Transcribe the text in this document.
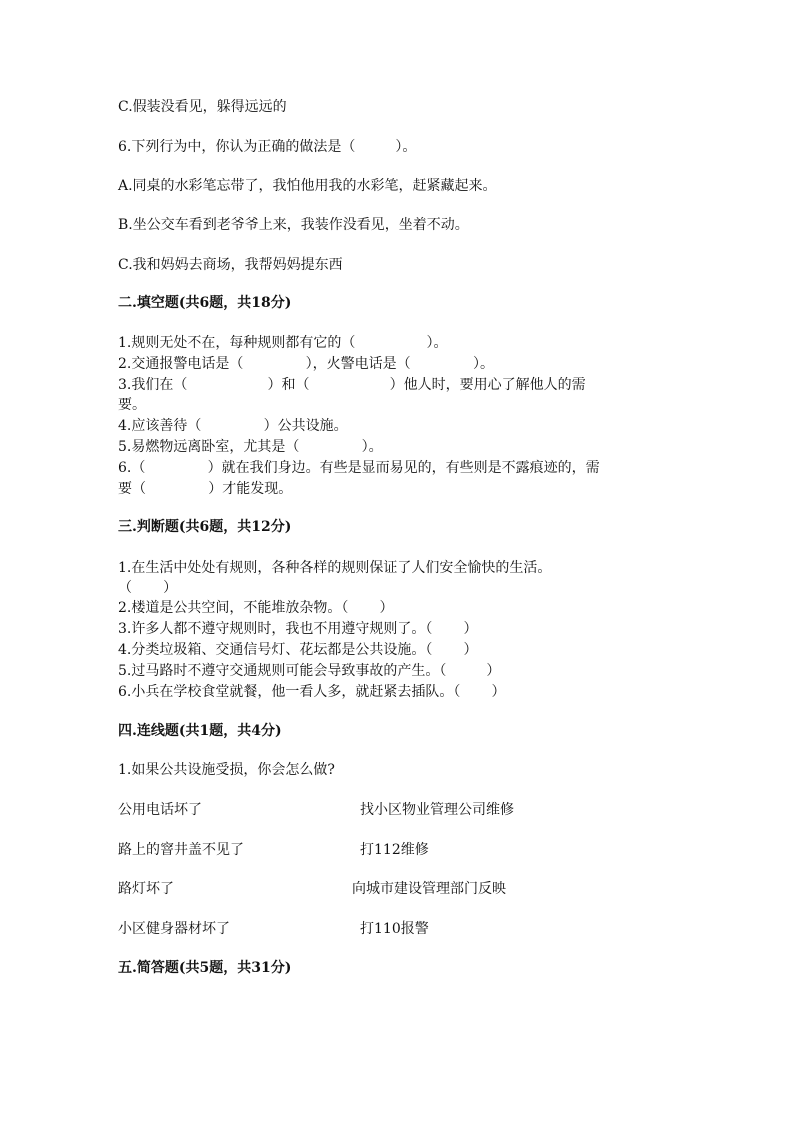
C.假装没看见，躲得远远的
6.下列行为中，你认为正确的做法是（         ）。
A.同桌的水彩笔忘带了，我怕他用我的水彩笔，赶紧藏起来。
B.坐公交车看到老爷爷上来，我装作没看见，坐着不动。
C.我和妈妈去商场，我帮妈妈提东西
二.填空题(共6题，共18分)
1.规则无处不在，每种规则都有它的（                ）。
2.交通报警电话是（              ），火警电话是（              ）。
3.我们在（                  ）和（                  ）他人时，要用心了解他人的需
要。
4.应该善待（              ）公共设施。
5.易燃物远离卧室，尤其是（              ）。
6.（              ）就在我们身边。有些是显而易见的，有些则是不露痕迹的，需
要（              ）才能发现。
三.判断题(共6题，共12分)
1.在生活中处处有规则，各种各样的规则保证了人们安全愉快的生活。
（       ）
2.楼道是公共空间，不能堆放杂物。（       ）
3.许多人都不遵守规则时，我也不用遵守规则了。（       ）
4.分类垃圾箱、交通信号灯、花坛都是公共设施。（       ）
5.过马路时不遵守交通规则可能会导致事故的产生。（         ）
6.小兵在学校食堂就餐，他一看人多，就赶紧去插队。（       ）
四.连线题(共1题，共4分)
1.如果公共设施受损，你会怎么做?
公用电话坏了	找小区物业管理公司维修
路上的窨井盖不见了	打112维修
路灯坏了	向城市建设管理部门反映
小区健身器材坏了	打110报警
五.简答题(共5题，共31分)
